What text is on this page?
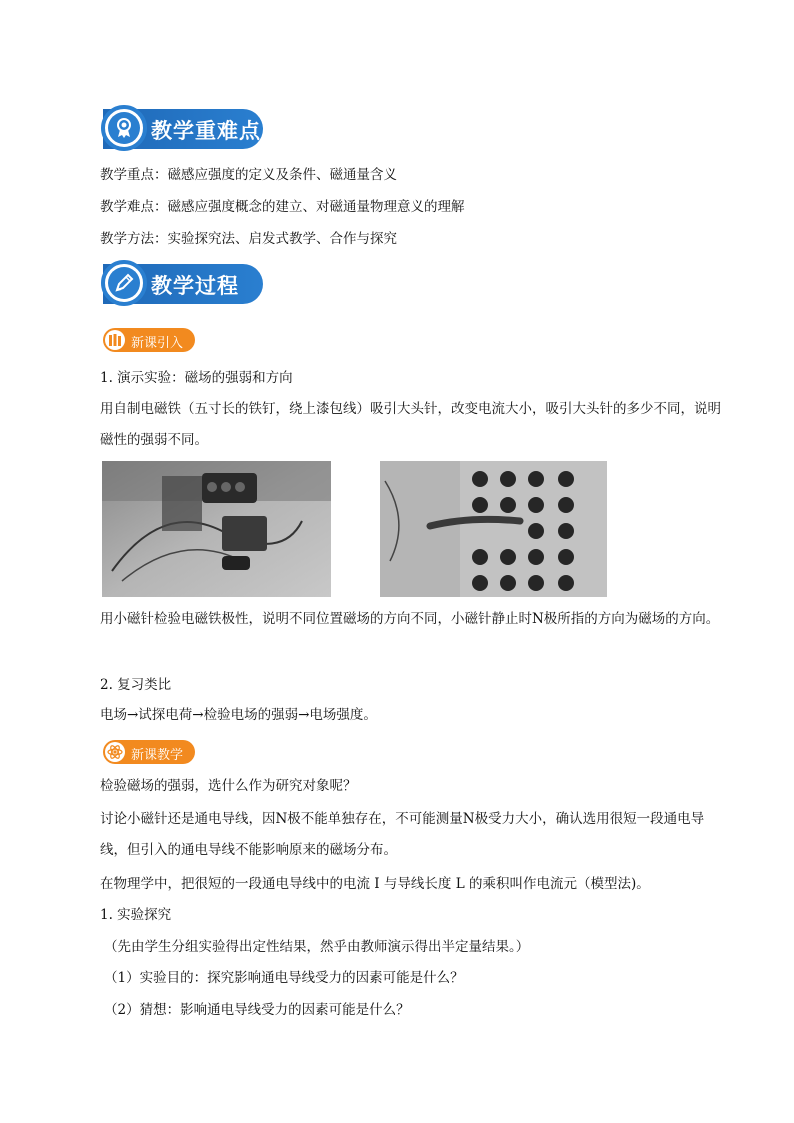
教学重难点
教学重点：磁感应强度的定义及条件、磁通量含义
教学难点：磁感应强度概念的建立、对磁通量物理意义的理解
教学方法：实验探究法、启发式教学、合作与探究
教学过程
新课引入
1. 演示实验：磁场的强弱和方向
用自制电磁铁（五寸长的铁钉，绕上漆包线）吸引大头针，改变电流大小，吸引大头针的多少不同，说明磁性的强弱不同。
用小磁针检验电磁铁极性，说明不同位置磁场的方向不同，小磁针静止时N极所指的方向为磁场的方向。
2. 复习类比
电场→试探电荷→检验电场的强弱→电场强度。
新课教学
检验磁场的强弱，选什么作为研究对象呢？
讨论小磁针还是通电导线，因N极不能单独存在，不可能测量N极受力大小，确认选用很短一段通电导线，但引入的通电导线不能影响原来的磁场分布。
在物理学中，把很短的一段通电导线中的电流 I 与导线长度 L 的乘积叫作电流元（模型法)。
1. 实验探究
（先由学生分组实验得出定性结果，然乎由教师演示得出半定量结果。）
（1）实验目的：探究影响通电导线受力的因素可能是什么？
（2）猜想：影响通电导线受力的因素可能是什么？
